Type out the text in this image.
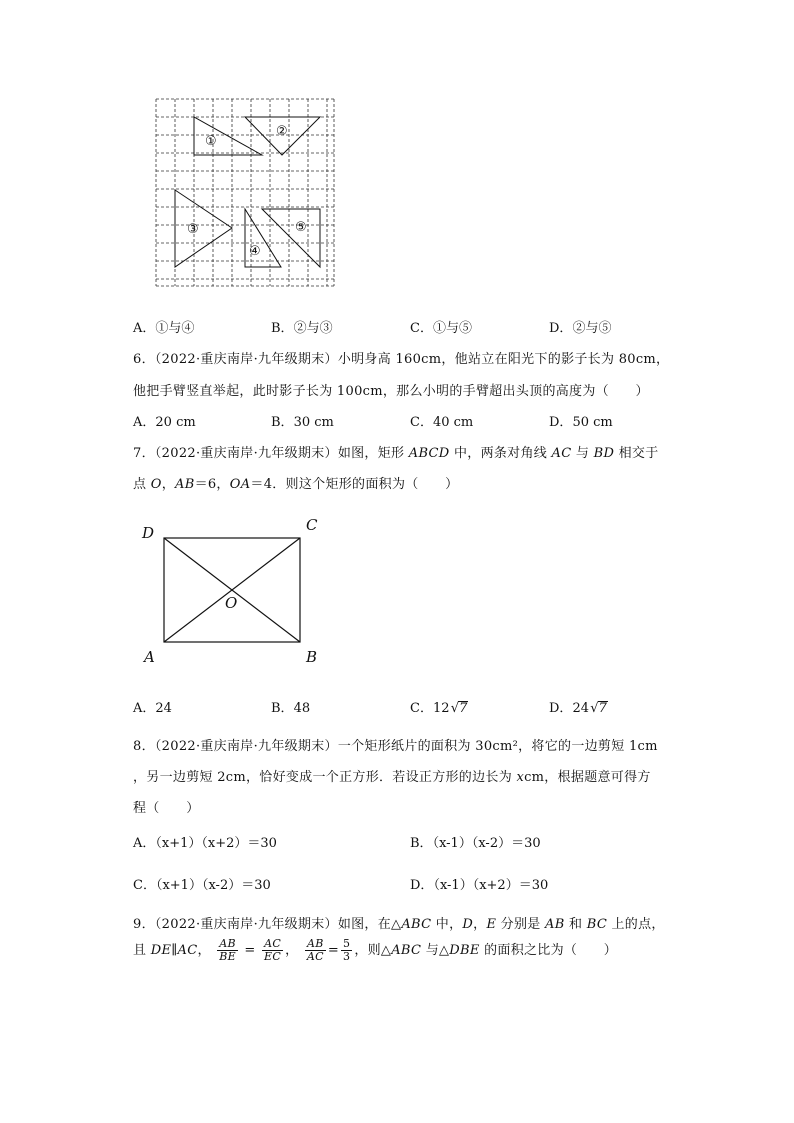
①
②
③
④
⑤
A．①与④	B．②与③	C．①与⑤	D．②与⑤
6．（2022·重庆南岸·九年级期末）小明身高 160cm，他站立在阳光下的影子长为 80cm，
他把手臂竖直举起，此时影子长为 100cm，那么小明的手臂超出头顶的高度为（　　）
A．20 cm	B．30 cm	C．40 cm	D．50 cm
7．（2022·重庆南岸·九年级期末）如图，矩形 ABCD 中，两条对角线 AC 与 BD 相交于
点 O，AB＝6，OA＝4．则这个矩形的面积为（　　）
D	C
A	B
O
A．24	B．48	C．12 √7	D．24 √7
8．（2022·重庆南岸·九年级期末）一个矩形纸片的面积为 30cm²，将它的一边剪短 1cm
，另一边剪短 2cm，恰好变成一个正方形．若设正方形的边长为 xcm，根据题意可得方
程（　　）
A．（x+1）（x+2）＝30	B．（x-1）（x-2）＝30
C．（x+1）（x-2）＝30	D．（x-1）（x+2）＝30
9．（2022·重庆南岸·九年级期末）如图，在△ABC 中，D，E 分别是 AB 和 BC 上的点，
且 DE∥AC， $\frac{AB}{BE} = \frac{AC}{EC}$ ， $\frac{AB}{AC} = \frac{5}{3}$ ，则△ABC 与△DBE 的面积之比为（　　）
